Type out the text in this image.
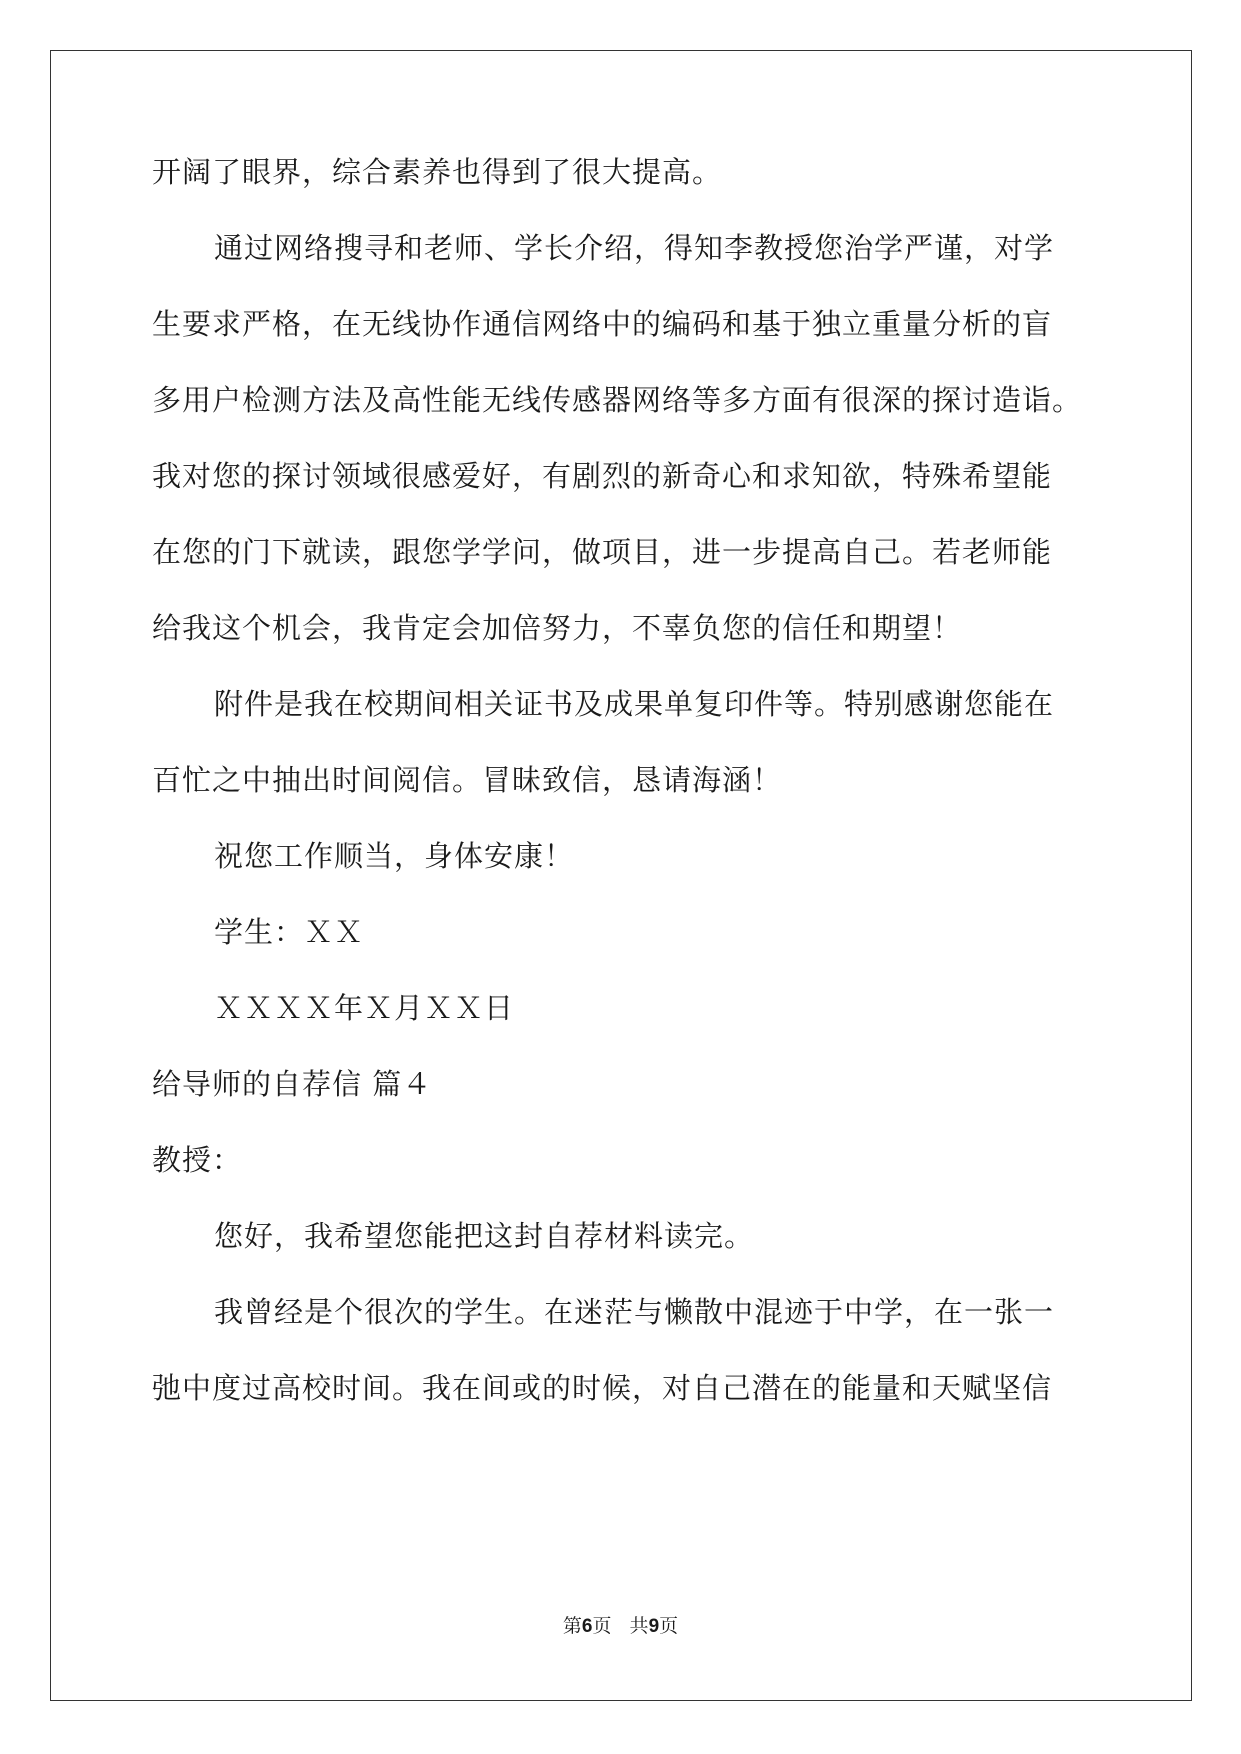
开阔了眼界，综合素养也得到了很大提高。
通过网络搜寻和老师、学长介绍，得知李教授您治学严谨，对学
生要求严格，在无线协作通信网络中的编码和基于独立重量分析的盲
多用户检测方法及高性能无线传感器网络等多方面有很深的探讨造诣。
我对您的探讨领域很感爱好，有剧烈的新奇心和求知欲，特殊希望能
在您的门下就读，跟您学学问，做项目，进一步提高自己。若老师能
给我这个机会，我肯定会加倍努力，不辜负您的信任和期望！
附件是我在校期间相关证书及成果单复印件等。特别感谢您能在
百忙之中抽出时间阅信。冒昧致信，恳请海涵！
祝您工作顺当，身体安康！
学生：ＸＸ
ＸＸＸＸ年Ｘ月ＸＸ日
给导师的自荐信 篇４
教授：
您好，我希望您能把这封自荐材料读完。
我曾经是个很次的学生。在迷茫与懒散中混迹于中学，在一张一
弛中度过高校时间。我在间或的时候，对自己潜在的能量和天赋坚信
第6页   共9页
